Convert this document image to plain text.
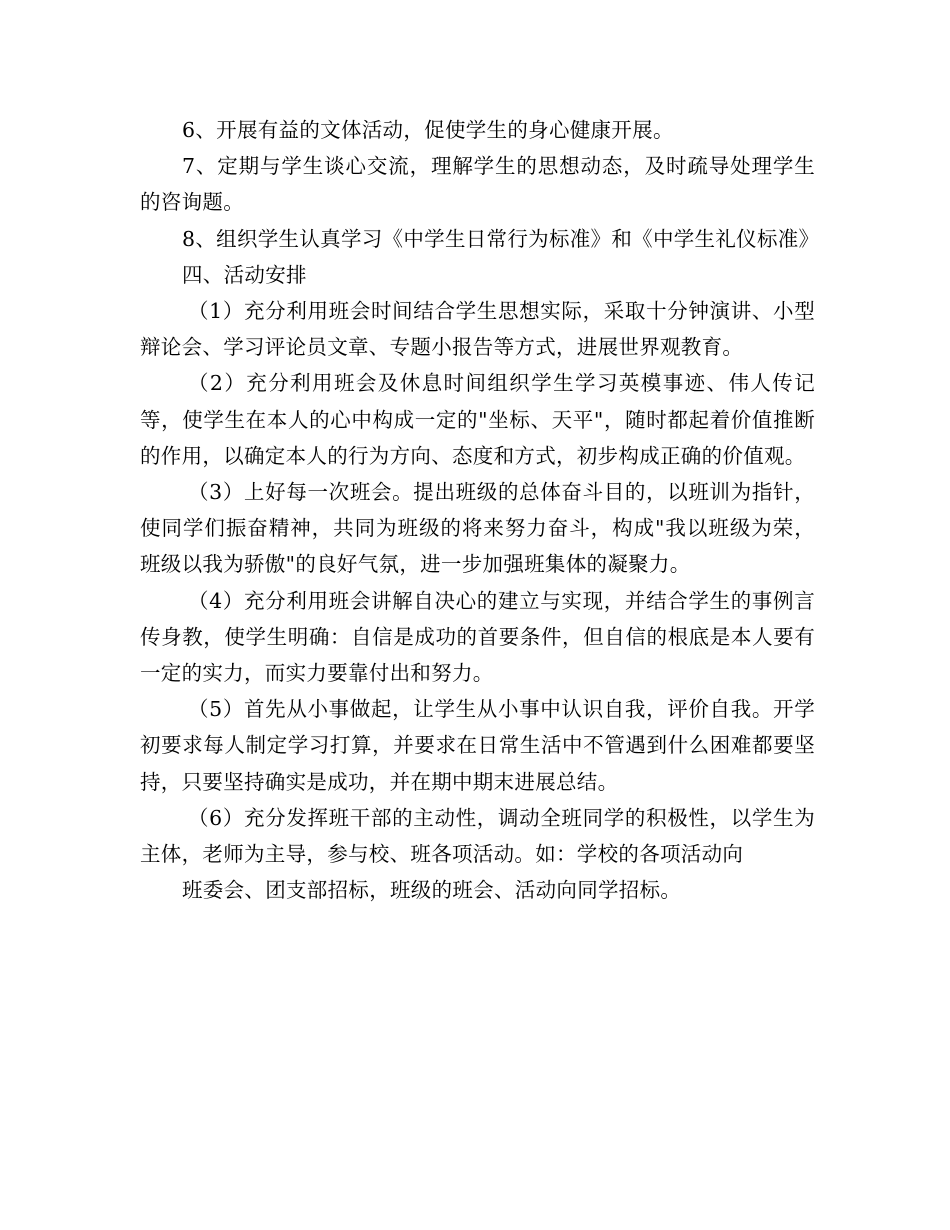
6、开展有益的文体活动，促使学生的身心健康开展。

7、定期与学生谈心交流，理解学生的思想动态，及时疏导处理学生的咨询题。

8、组织学生认真学习《中学生日常行为标准》和《中学生礼仪标准》

四、活动安排

（1）充分利用班会时间结合学生思想实际，采取十分钟演讲、小型辩论会、学习评论员文章、专题小报告等方式，进展世界观教育。

（2）充分利用班会及休息时间组织学生学习英模事迹、伟人传记等，使学生在本人的心中构成一定的"坐标、天平"，随时都起着价值推断的作用，以确定本人的行为方向、态度和方式，初步构成正确的价值观。

（3）上好每一次班会。提出班级的总体奋斗目的，以班训为指针，使同学们振奋精神，共同为班级的将来努力奋斗，构成"我以班级为荣，班级以我为骄傲"的良好气氛，进一步加强班集体的凝聚力。

（4）充分利用班会讲解自决心的建立与实现，并结合学生的事例言传身教，使学生明确：自信是成功的首要条件，但自信的根底是本人要有一定的实力，而实力要靠付出和努力。

（5）首先从小事做起，让学生从小事中认识自我，评价自我。开学初要求每人制定学习打算，并要求在日常生活中不管遇到什么困难都要坚持，只要坚持确实是成功，并在期中期末进展总结。

（6）充分发挥班干部的主动性，调动全班同学的积极性，以学生为主体，老师为主导，参与校、班各项活动。如：学校的各项活动向

班委会、团支部招标，班级的班会、活动向同学招标。
